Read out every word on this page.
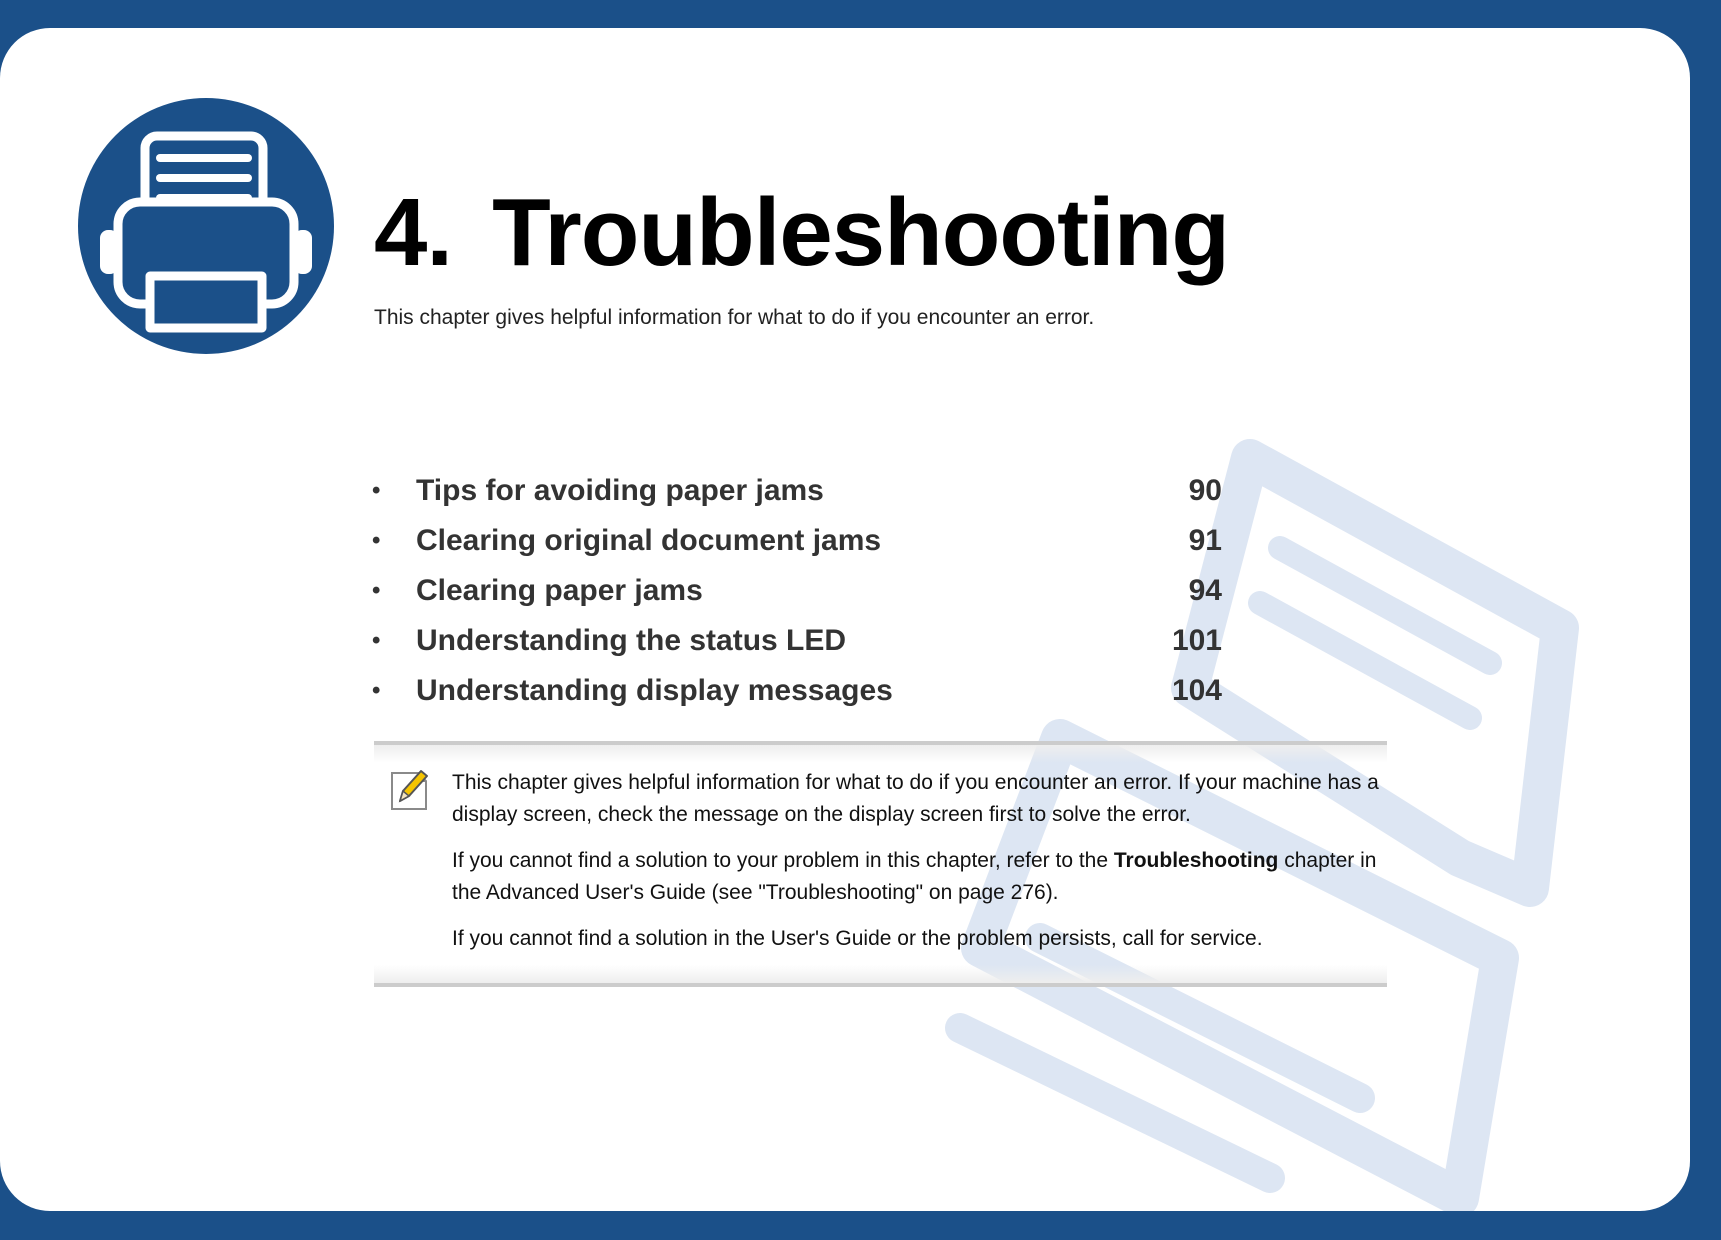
4. Troubleshooting

This chapter gives helpful information for what to do if you encounter an error.

•	Tips for avoiding paper jams	90
•	Clearing original document jams	91
•	Clearing paper jams	94
•	Understanding the status LED	101
•	Understanding display messages	104

This chapter gives helpful information for what to do if you encounter an error. If your machine has a display screen, check the message on the display screen first to solve the error.

If you cannot find a solution to your problem in this chapter, refer to the Troubleshooting chapter in the Advanced User's Guide (see "Troubleshooting" on page 276).

If you cannot find a solution in the User's Guide or the problem persists, call for service.
